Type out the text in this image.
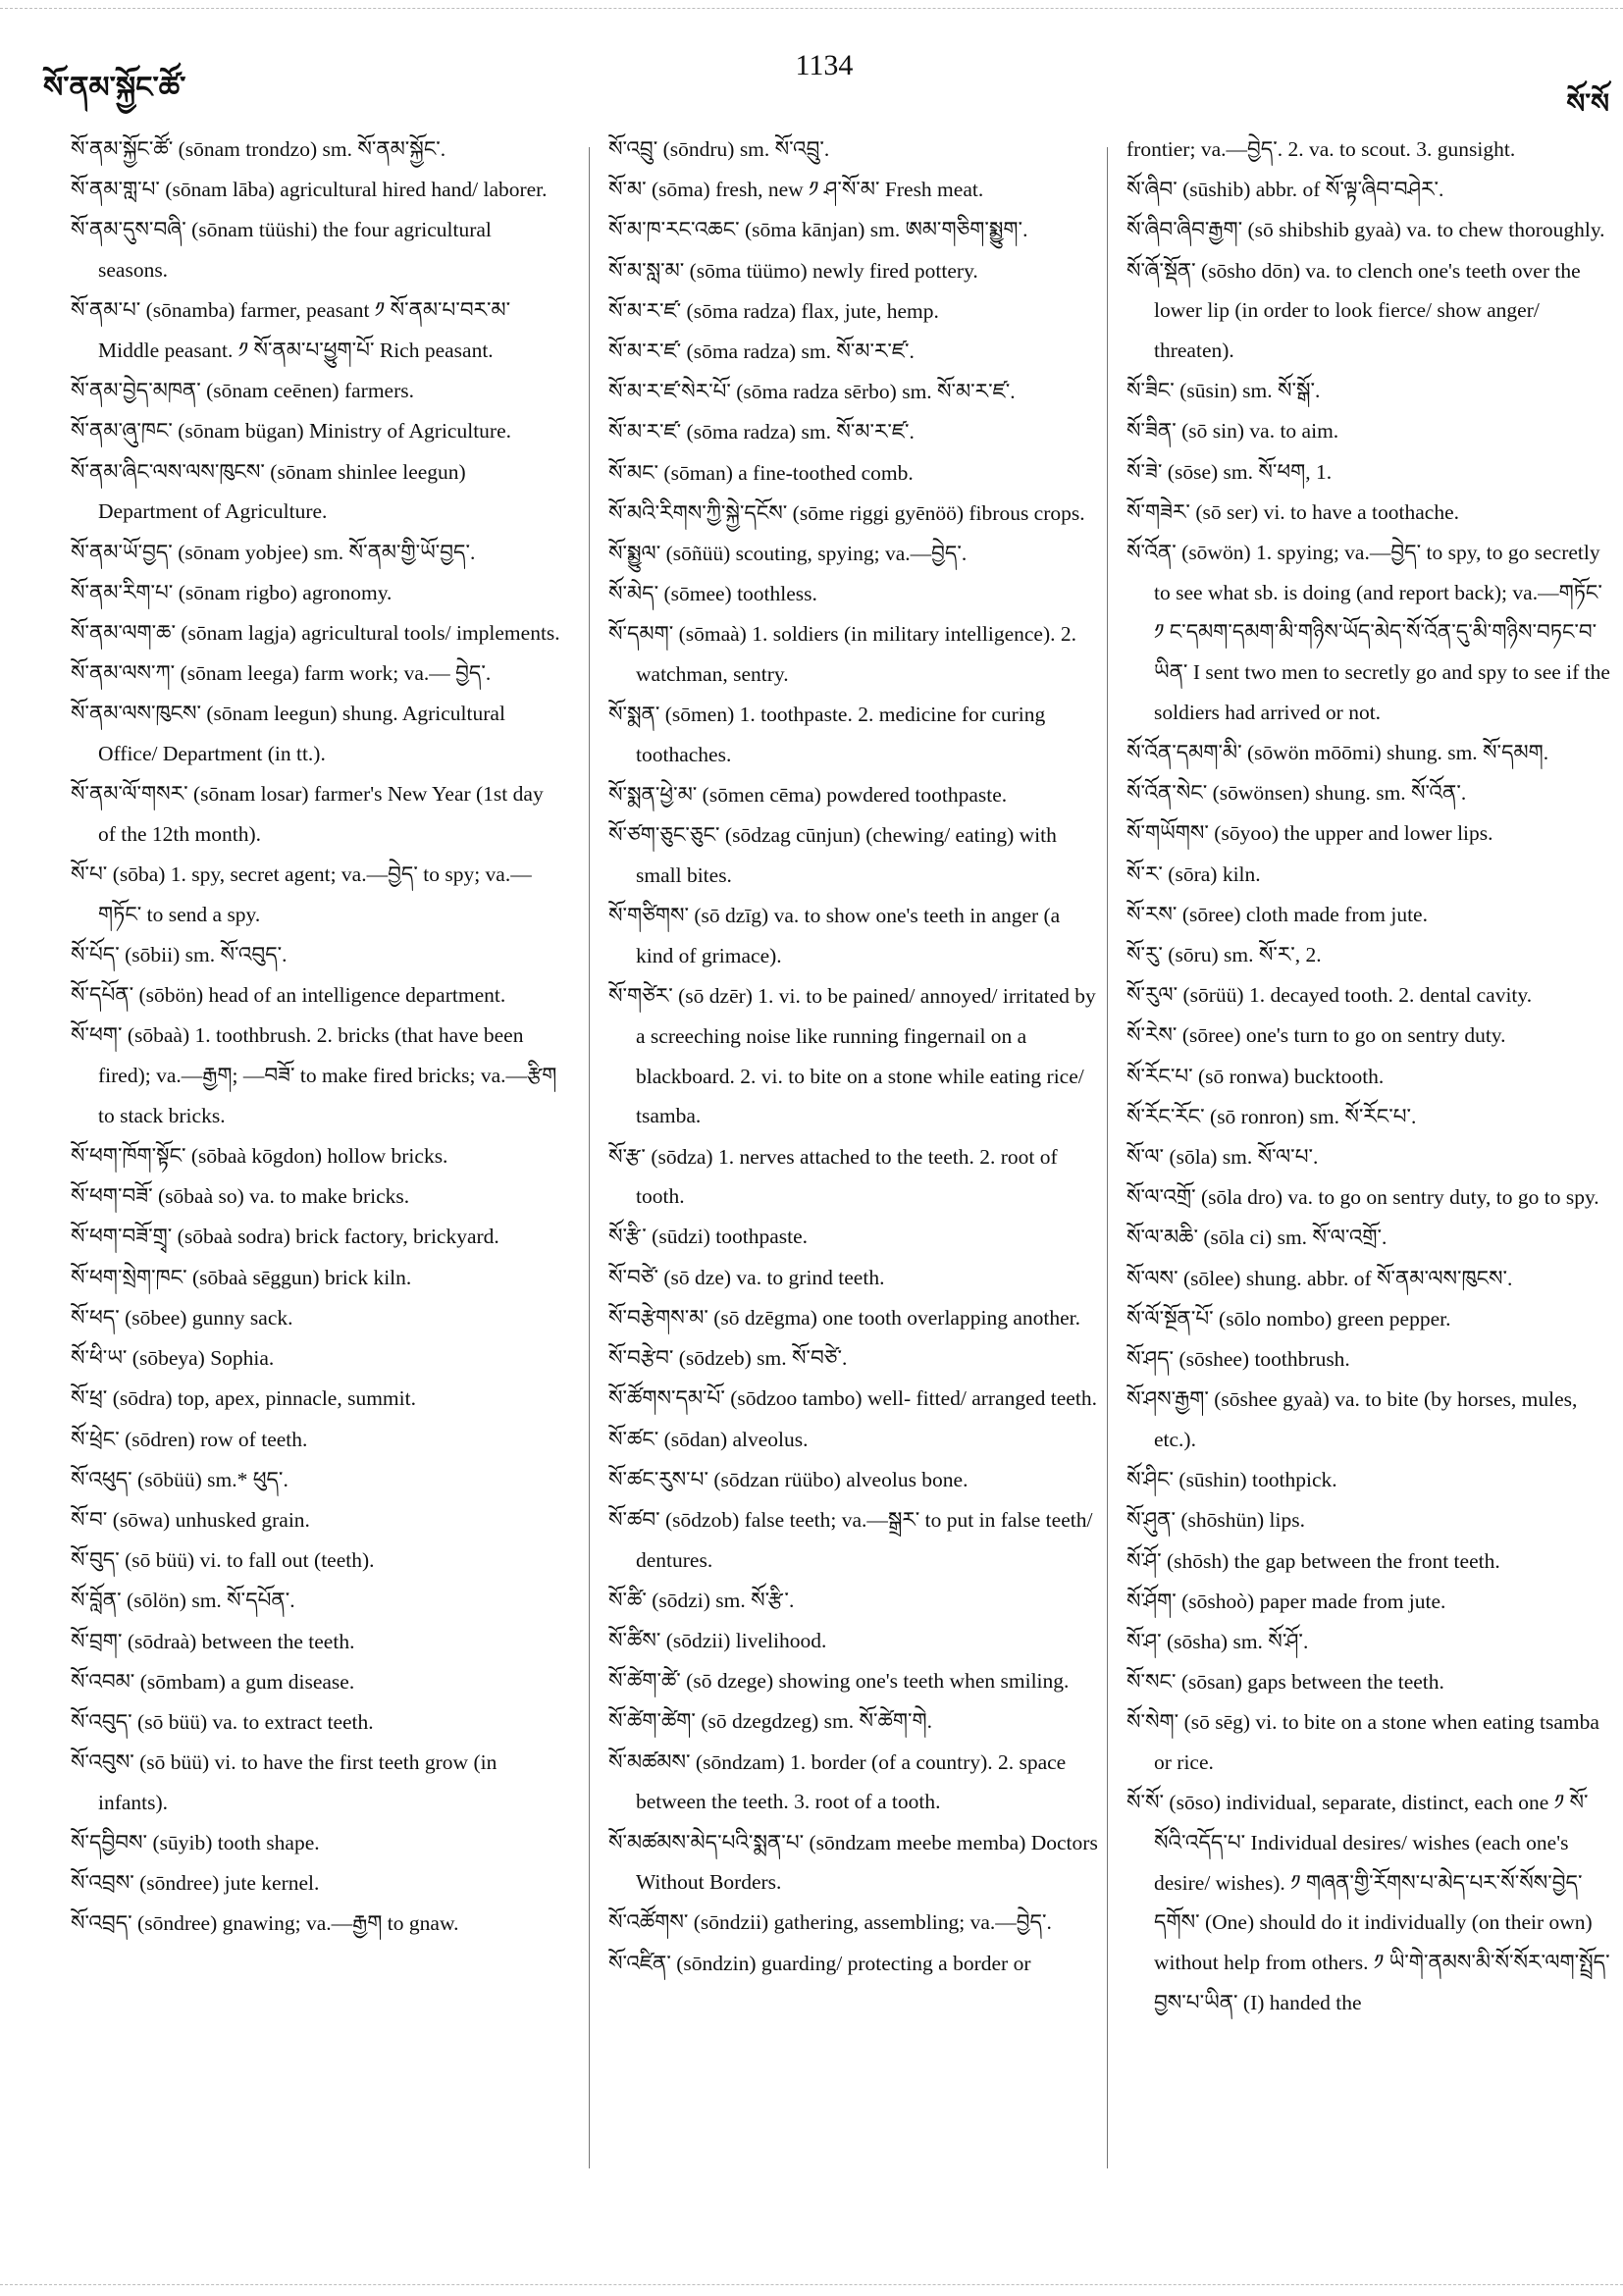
སོ་ནམ་སྐྱོང་ཚོ་
1134
སོ་སོ

སོ་ནམ་སྐྱོང་ཚོ་ (sōnam trondzo) sm. སོ་ནམ་སྐྱོང་.

སོ་ནམ་གླ་པ་ (sōnam lāba) agricultural hired hand/ laborer.

སོ་ནམ་དུས་བཞི་ (sōnam tüüshi) the four agricultural seasons.

སོ་ནམ་པ་ (sōnamba) farmer, peasant ༡ སོ་ནམ་པ་བར་མ་ Middle peasant. ༡ སོ་ནམ་པ་ཕྱུག་པོ་ Rich peasant.

སོ་ནམ་བྱེད་མཁན་ (sōnam ceēnen) farmers.

སོ་ནམ་ཞུ་ཁང་ (sōnam bügan) Ministry of Agriculture.

སོ་ནམ་ཞིང་ལས་ལས་ཁུངས་ (sōnam shinlee leegun) Department of Agriculture.

སོ་ནམ་ཡོ་བྱད་ (sōnam yobjee) sm. སོ་ནམ་གྱི་ཡོ་བྱད་.

སོ་ནམ་རིག་པ་ (sōnam rigbo) agronomy.

སོ་ནམ་ལག་ཆ་ (sōnam lagja) agricultural tools/ implements.

སོ་ནམ་ལས་ཀ་ (sōnam leega) farm work; va.— བྱེད་.

སོ་ནམ་ལས་ཁུངས་ (sōnam leegun) shung. Agricultural Office/ Department (in tt.).

སོ་ནམ་ལོ་གསར་ (sōnam losar) farmer's New Year (1st day of the 12th month).

སོ་པ་ (sōba) 1. spy, secret agent; va.—བྱེད་ to spy; va.—གཏོང་ to send a spy.

སོ་པོད་ (sōbii) sm. སོ་འབུད་.

སོ་དཔོན་ (sōbön) head of an intelligence department.

སོ་ཕག་ (sōbaà) 1. toothbrush. 2. bricks (that have been fired); va.—རྒྱག; —བཟོ་ to make fired bricks; va.—རྩིག to stack bricks.

སོ་ཕག་ཁོག་སྟོང་ (sōbaà kōgdon) hollow bricks.

སོ་ཕག་བཟོ་ (sōbaà so) va. to make bricks.

སོ་ཕག་བཟོ་གྲྭ་ (sōbaà sodra) brick factory, brickyard.

སོ་ཕག་སྲེག་ཁང་ (sōbaà sēggun) brick kiln.

སོ་ཕད་ (sōbee) gunny sack.

སོ་ཕི་ཡ་ (sōbeya) Sophia.

སོ་ཕྲ་ (sōdra) top, apex, pinnacle, summit.

སོ་ཕྲེང་ (sōdren) row of teeth.

སོ་འཕུད་ (sōbüü) sm.* ཕུད་.

སོ་བ་ (sōwa) unhusked grain.

སོ་བུད་ (sō büü) vi. to fall out (teeth).

སོ་བློན་ (sōlön) sm. སོ་དཔོན་.

སོ་བྲག་ (sōdraà) between the teeth.

སོ་འབམ་ (sōmbam) a gum disease.

སོ་འབུད་ (sō büü) va. to extract teeth.

སོ་འབུས་ (sō büü) vi. to have the first teeth grow (in infants).

སོ་དབྱིབས་ (sūyib) tooth shape.

སོ་འབྲས་ (sōndree) jute kernel.

སོ་འབྲད་ (sōndree) gnawing; va.—རྒྱག to gnaw.

སོ་འབྲུ་ (sōndru) sm. སོ་འབྲུ་.

སོ་མ་ (sōma) fresh, new ༡ ཤ་སོ་མ་ Fresh meat.

སོ་མ་ཁ་རང་འཆང་ (sōma kānjan) sm. ཨམ་གཅིག་སྨྱུག་.

སོ་མ་སླ་མ་ (sōma tüümo) newly fired pottery.

སོ་མ་ར་ཛ་ (sōma radza) flax, jute, hemp.

སོ་མ་ར་ཛ་ (sōma radza) sm. སོ་མ་ར་ཛ་.

སོ་མ་ར་ཛ་སེར་པོ་ (sōma radza sērbo) sm. སོ་མ་ར་ཛ་.

སོ་མ་ར་ཛ་ (sōma radza) sm. སོ་མ་ར་ཛ་.

སོ་མང་ (sōman) a fine-toothed comb.

སོ་མའི་རིགས་ཀྱི་སྐྱེ་དངོས་ (sōme riggi gyēnöö) fibrous crops.

སོ་སྨྱུལ་ (sōñüü) scouting, spying; va.—བྱེད་.

སོ་མེད་ (sōmee) toothless.

སོ་དམག་ (sōmaà) 1. soldiers (in military intelligence). 2. watchman, sentry.

སོ་སྨན་ (sōmen) 1. toothpaste. 2. medicine for curing toothaches.

སོ་སྨན་ཕྱེ་མ་ (sōmen cēma) powdered toothpaste.

སོ་ཙག་ཅུང་ཅུང་ (sōdzag cūnjun) (chewing/ eating) with small bites.

སོ་གཙིགས་ (sō dzīg) va. to show one's teeth in anger (a kind of grimace).

སོ་གཙེར་ (sō dzēr) 1. vi. to be pained/ annoyed/ irritated by a screeching noise like running fingernail on a blackboard. 2. vi. to bite on a stone while eating rice/ tsamba.

སོ་རྩ་ (sōdza) 1. nerves attached to the teeth. 2. root of tooth.

སོ་རྩི་ (sūdzi) toothpaste.

སོ་བཙེ་ (sō dze) va. to grind teeth.

སོ་བརྩེགས་མ་ (sō dzēgma) one tooth overlapping another.

སོ་བརྩེབ་ (sōdzeb) sm. སོ་བཙེ་.

སོ་ཚོགས་དམ་པོ་ (sōdzoo tambo) well- fitted/ arranged teeth.

སོ་ཚང་ (sōdan) alveolus.

སོ་ཚང་རུས་པ་ (sōdzan rüübo) alveolus bone.

སོ་ཚབ་ (sōdzob) false teeth; va.—སྒྲར་ to put in false teeth/ dentures.

སོ་ཚི་ (sōdzi) sm. སོ་རྩི་.

སོ་ཚིས་ (sōdzii) livelihood.

སོ་ཚེག་ཚེ་ (sō dzege) showing one's teeth when smiling.

སོ་ཚེག་ཚེག་ (sō dzegdzeg) sm. སོ་ཚེག་གེ.

སོ་མཚམས་ (sōndzam) 1. border (of a country). 2. space between the teeth. 3. root of a tooth.

སོ་མཚམས་མེད་པའི་སྨན་པ་ (sōndzam meebe memba) Doctors Without Borders.

སོ་འཚོགས་ (sōndzii) gathering, assembling; va.—བྱེད་.

སོ་འཛིན་ (sōndzin) guarding/ protecting a border or

frontier; va.—བྱེད་. 2. va. to scout. 3. gunsight.

སོ་ཞིབ་ (sūshib) abbr. of སོ་ལྟ་ཞིབ་བཤེར་.

སོ་ཞིབ་ཞིབ་རྒྱག་ (sō shibshib gyaà) va. to chew thoroughly.

སོ་ཞོ་སྡོན་ (sōsho dōn) va. to clench one's teeth over the lower lip (in order to look fierce/ show anger/ threaten).

སོ་ཟིང་ (sūsin) sm. སོ་སྒོ་.

སོ་ཟིན་ (sō sin) va. to aim.

སོ་ཟེ་ (sōse) sm. སོ་ཕག, 1.

སོ་གཟེར་ (sō ser) vi. to have a toothache.

སོ་འོན་ (sōwön) 1. spying; va.—བྱེད་ to spy, to go secretly to see what sb. is doing (and report back); va.—གཏོང་ ༡ ང་དམག་དམག་མི་གཉིས་ཡོད་མེད་སོ་འོན་དུ་མི་གཉིས་བཏང་བ་ཡིན་ I sent two men to secretly go and spy to see if the soldiers had arrived or not.

སོ་འོན་དམག་མི་ (sōwön mōōmi) shung. sm. སོ་དམག.

སོ་འོན་སེང་ (sōwönsen) shung. sm. སོ་འོན་.

སོ་གཡོགས་ (sōyoo) the upper and lower lips.

སོ་ར་ (sōra) kiln.

སོ་རས་ (sōree) cloth made from jute.

སོ་རུ་ (sōru) sm. སོ་ར་, 2.

སོ་རུལ་ (sōrüü) 1. decayed tooth. 2. dental cavity.

སོ་རེས་ (sōree) one's turn to go on sentry duty.

སོ་རོང་པ་ (sō ronwa) bucktooth.

སོ་རོང་རོང་ (sō ronron) sm. སོ་རོང་པ་.

སོ་ལ་ (sōla) sm. སོ་ལ་པ་.

སོ་ལ་འགྲོ་ (sōla dro) va. to go on sentry duty, to go to spy.

སོ་ལ་མཆི་ (sōla ci) sm. སོ་ལ་འགྲོ་.

སོ་ལས་ (sōlee) shung. abbr. of སོ་ནམ་ལས་ཁུངས་.

སོ་ལོ་སྔོན་པོ་ (sōlo nombo) green pepper.

སོ་ཤད་ (sōshee) toothbrush.

སོ་ཤས་རྒྱག་ (sōshee gyaà) va. to bite (by horses, mules, etc.).

སོ་ཤིང་ (sūshin) toothpick.

སོ་ཤུན་ (shōshün) lips.

སོ་ཤོ་ (shōsh) the gap between the front teeth.

སོ་ཤོག་ (sōshoò) paper made from jute.

སོ་ཤ་ (sōsha) sm. སོ་ཤོ་.

སོ་སང་ (sōsan) gaps between the teeth.

སོ་སེག་ (sō sēg) vi. to bite on a stone when eating tsamba or rice.

སོ་སོ་ (sōso) individual, separate, distinct, each one ༡ སོ་སོའི་འདོད་པ་ Individual desires/ wishes (each one's desire/ wishes). ༡ གཞན་གྱི་རོགས་པ་མེད་པར་སོ་སོས་བྱེད་དགོས་ (One) should do it individually (on their own) without help from others. ༡ ཡི་གེ་ནམས་མི་སོ་སོར་ལག་སྤྲོད་བྱས་པ་ཡིན་ (I) handed the
